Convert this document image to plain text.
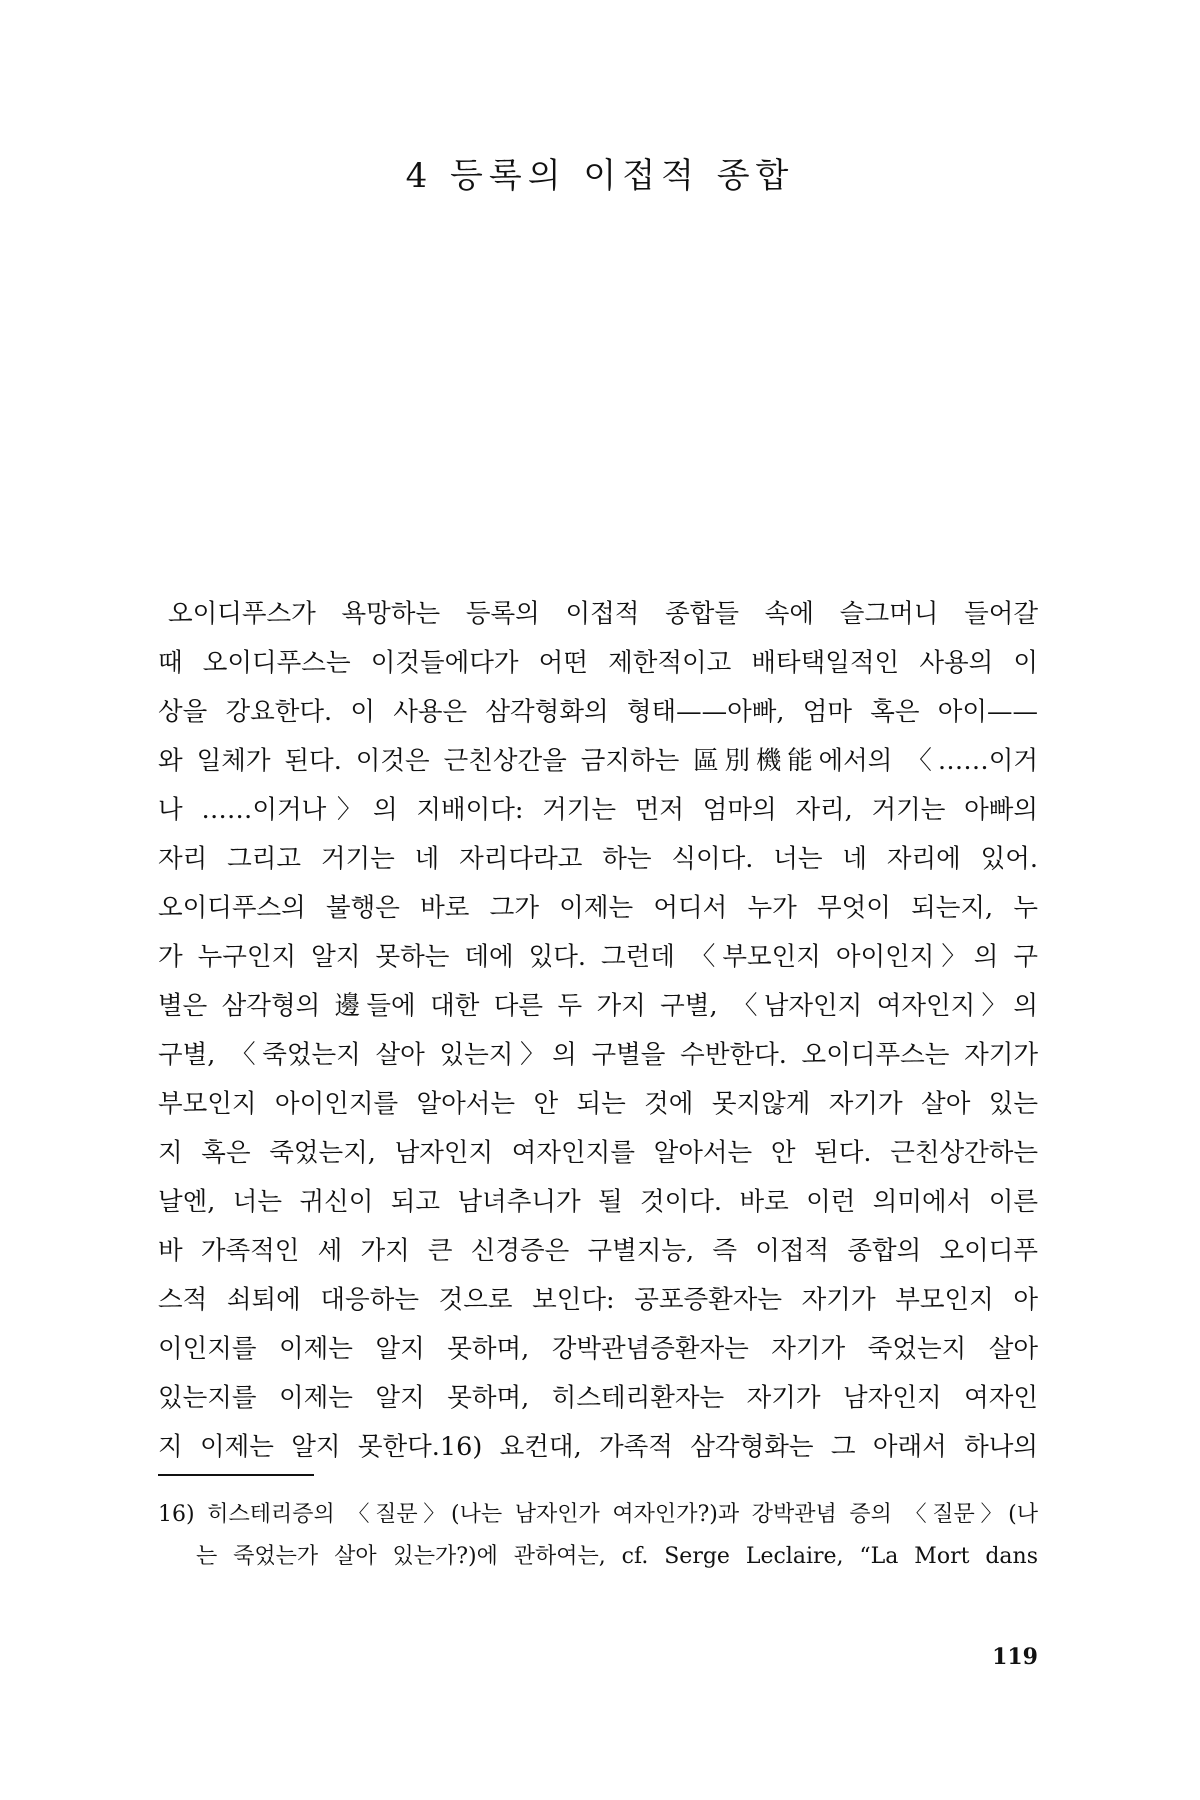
4 등록의 이접적 종합
오이디푸스가 욕망하는 등록의 이접적 종합들 속에 슬그머니 들어갈
때 오이디푸스는 이것들에다가 어떤 제한적이고 배타택일적인 사용의 이
상을 강요한다. 이 사용은 삼각형화의 형태——아빠, 엄마 혹은 아이——
와 일체가 된다. 이것은 근친상간을 금지하는 區別機能에서의 〈……이거
나 ……이거나〉의 지배이다: 거기는 먼저 엄마의 자리, 거기는 아빠의
자리 그리고 거기는 네 자리다라고 하는 식이다. 너는 네 자리에 있어.
오이디푸스의 불행은 바로 그가 이제는 어디서 누가 무엇이 되는지, 누
가 누구인지 알지 못하는 데에 있다. 그런데 〈부모인지 아이인지〉의 구
별은 삼각형의 邊들에 대한 다른 두 가지 구별, 〈남자인지 여자인지〉의
구별, 〈죽었는지 살아 있는지〉의 구별을 수반한다. 오이디푸스는 자기가
부모인지 아이인지를 알아서는 안 되는 것에 못지않게 자기가 살아 있는
지 혹은 죽었는지, 남자인지 여자인지를 알아서는 안 된다. 근친상간하는
날엔, 너는 귀신이 되고 남녀추니가 될 것이다. 바로 이런 의미에서 이른
바 가족적인 세 가지 큰 신경증은 구별지능, 즉 이접적 종합의 오이디푸
스적 쇠퇴에 대응하는 것으로 보인다: 공포증환자는 자기가 부모인지 아
이인지를 이제는 알지 못하며, 강박관념증환자는 자기가 죽었는지 살아
있는지를 이제는 알지 못하며, 히스테리환자는 자기가 남자인지 여자인
지 이제는 알지 못한다.16) 요컨대, 가족적 삼각형화는 그 아래서 하나의
16) 히스테리증의 〈질문〉(나는 남자인가 여자인가?)과 강박관념 증의 〈질문〉(나
는 죽었는가 살아 있는가?)에 관하여는, cf. Serge Leclaire, “La Mort dans
119
